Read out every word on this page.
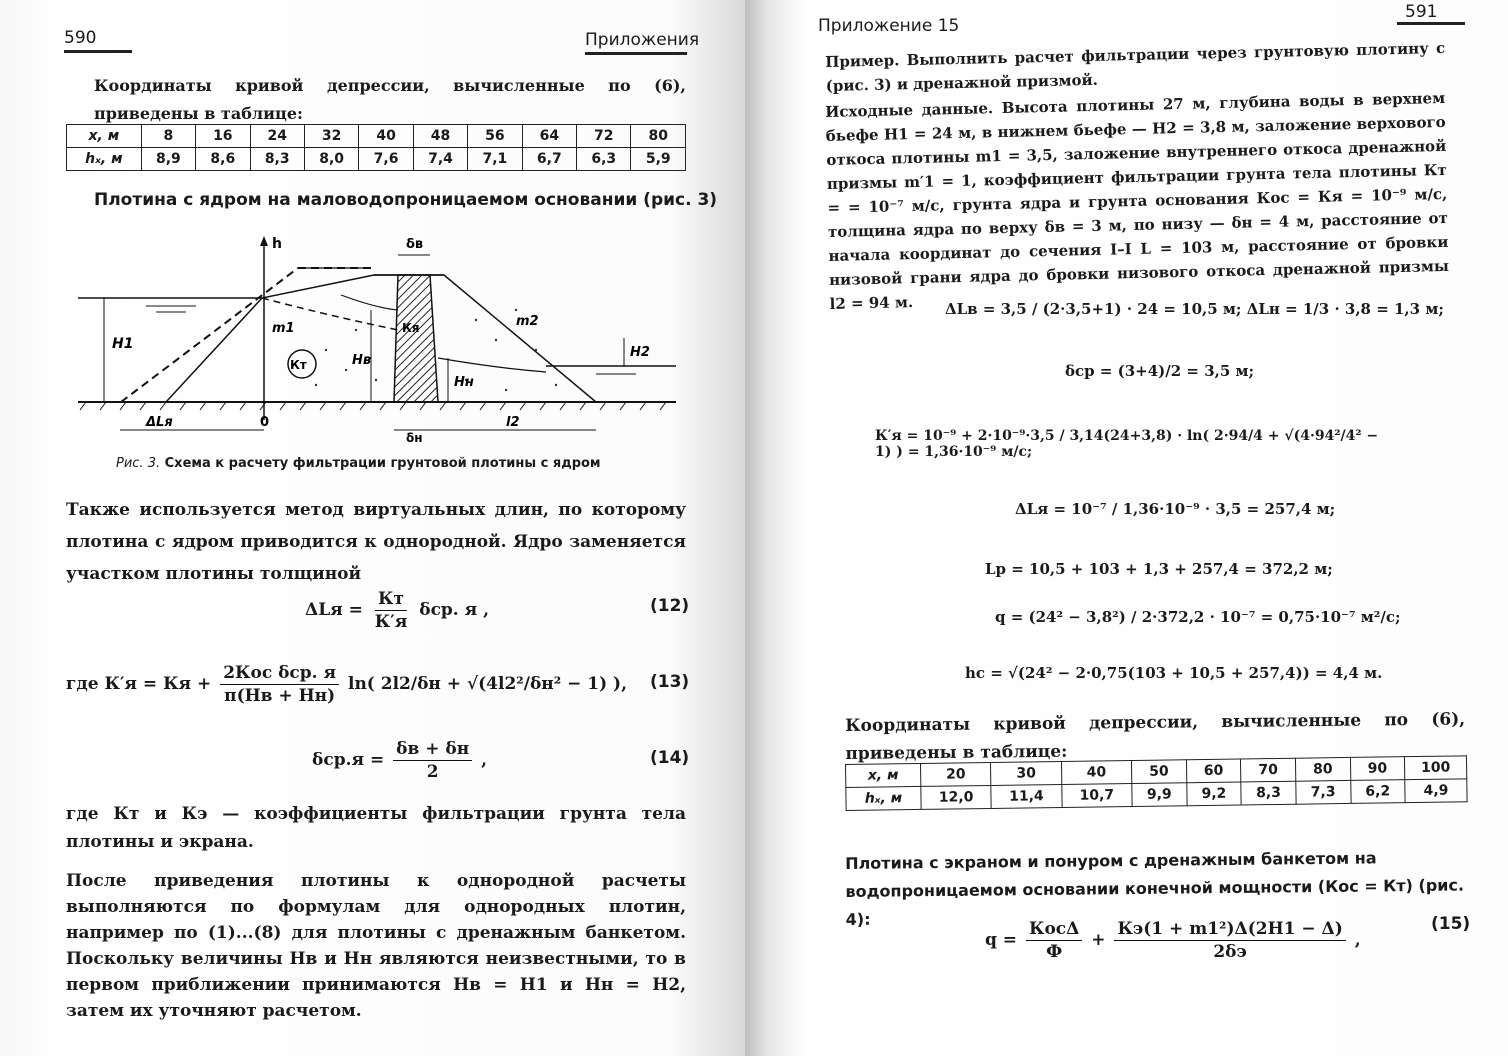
590	Приложения
Координаты кривой депрессии, вычисленные по (6), приведены в таблице:
x, м	8	16	24	32	40	48	56	64	72	80
hₓ, м	8,9	8,6	8,3	8,0	7,6	7,4	7,1	6,7	6,3	5,9
Плотина с ядром на маловодопроницаемом основании (рис. 3)
h	δв
H1
m1	m2
Кт
Кя
Hв
Hн
H2
ΔLя	0
δн
l2
Рис. 3. Схема к расчету фильтрации грунтовой плотины с ядром
Также используется метод виртуальных длин, по которому плотина с ядром приводится к однородной. Ядро заменяется участком плотины толщиной
$\Delta Lя = \frac{Кт}{К'я} \delta ср$. я ,	(12)
где К′я = Кя + $\frac{\text{2Кос δср. я}}{\pi(Hв + Hн)} \ln$( 2l2/δн + √(4l2²/δн² − 1) ), (13)
$\delta ср.я = \frac{\delta в + \delta н}{2}$ ,	(14)
где Кт и Кэ — коэффициенты фильтрации грунта тела плотины и экрана.
После приведения плотины к однородной расчеты выполняются по формулам для однородных плотин, например по (1)...(8) для плотины с дренажным банкетом. Поскольку величины Hв и Hн являются неизвестными, то в первом приближении принимаются Hв = H1 и Hн = H2, затем их уточняют расчетом.
Приложение 15
591
Пример. Выполнить расчет фильтрации через грунтовую плотину с (рис. 3) и дренажной призмой.
Исходные данные. Высота плотины 27 м, глубина воды в верхнем бьефе H1 = 24 м, в нижнем бьефе — H2 = 3,8 м, заложение верхового откоса плотины m1 = 3,5, заложение внутреннего откоса дренажной призмы m′1 = 1, коэффициент фильтрации грунта тела плотины Кт = = 10⁻⁷ м/с, грунта ядра и грунта основания Кос = Кя = 10⁻⁹ м/с, толщина ядра по верху δв = 3 м, по низу — δн = 4 м, расстояние от начала координат до сечения I–I L = 103 м, расстояние от бровки низовой грани ядра до бровки низового откоса дренажной призмы l2 = 94 м.	ΔLв = 3,5 / (2·3,5+1) · 24 = 10,5 м; ΔLн = 1/3 · 3,8 = 1,3 м;
δср = (3+4)/2 = 3,5 м;
К′я = 10⁻⁹ + 2·10⁻⁹·3,5 / 3,14(24+3,8) · ln( 2·94/4 + √(4·94²/4² − 1) ) = 1,36·10⁻⁹ м/с;
ΔLя = 10⁻⁷ / 1,36·10⁻⁹ · 3,5 = 257,4 м;
Lр = 10,5 + 103 + 1,3 + 257,4 = 372,2 м;
q = (24² − 3,8²) / 2·372,2 · 10⁻⁷ = 0,75·10⁻⁷ м²/с;
hс = √(24² − 2·0,75(103 + 10,5 + 257,4)) = 4,4 м.
Координаты кривой депрессии, вычисленные по (6), приведены в таблице:
x, м	20	30	40	50	60	70	80	90	100
hₓ, м	12,0	11,4	10,7	9,9	9,2	8,3	7,3	6,2	4,9
Плотина с экраном и понуром с дренажным банкетом на водопроницаемом основании конечной мощности (Кос = Кт) (рис. 4):
$q = \frac{\text{КосΔ}}{Ф} + \frac{\text{Кэ(1 + m1²)Δ(2H1 − Δ)}}{2\delta э}$ ,
(15)
